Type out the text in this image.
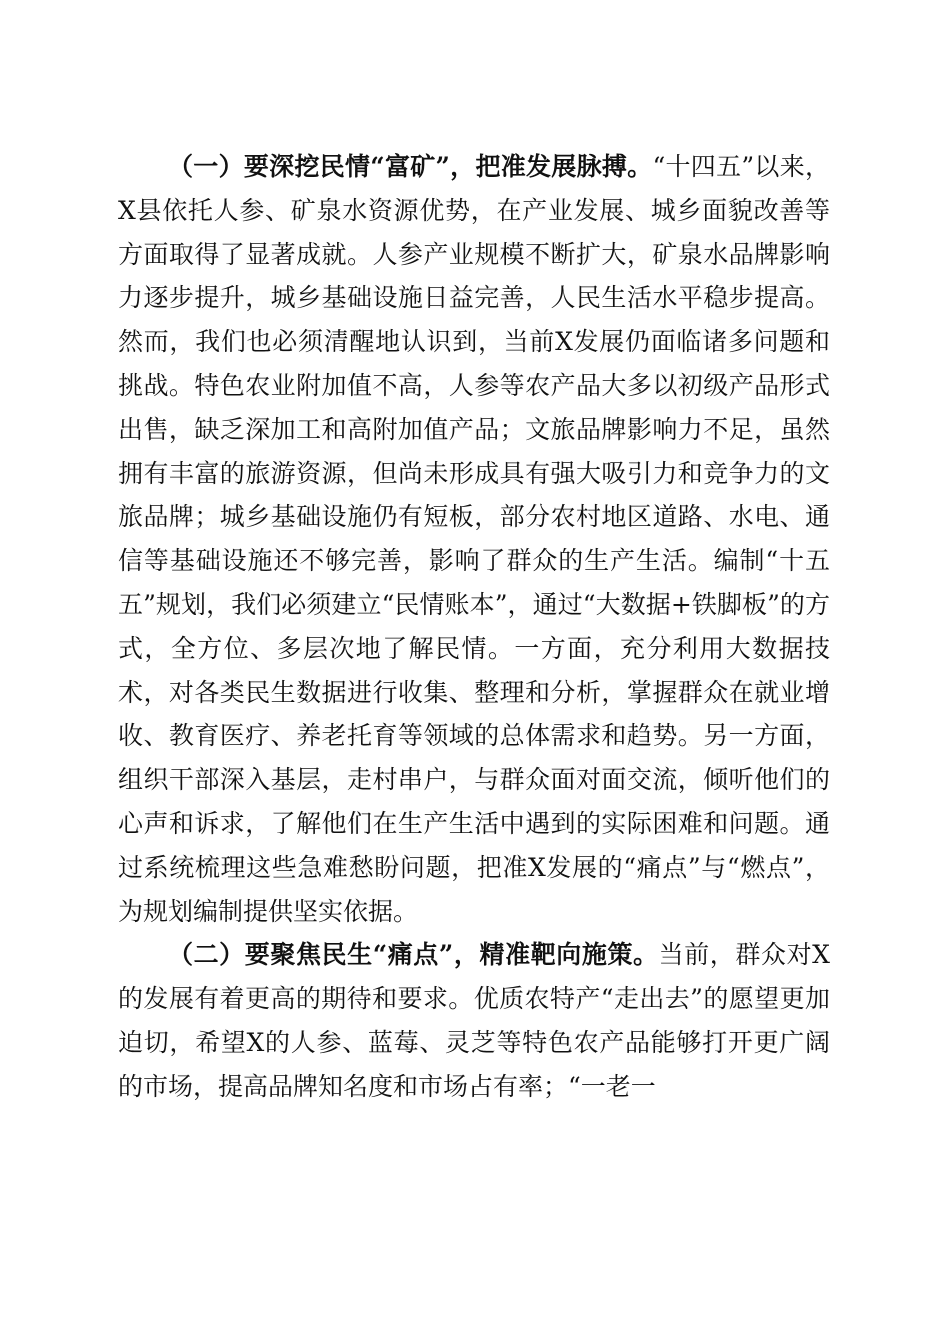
（一）要深挖民情“富矿”，把准发展脉搏。“十四五”以来，X县依托人参、矿泉水资源优势，在产业发展、城乡面貌改善等方面取得了显著成就。人参产业规模不断扩大，矿泉水品牌影响力逐步提升，城乡基础设施日益完善，人民生活水平稳步提高。然而，我们也必须清醒地认识到，当前X发展仍面临诸多问题和挑战。特色农业附加值不高，人参等农产品大多以初级产品形式出售，缺乏深加工和高附加值产品；文旅品牌影响力不足，虽然拥有丰富的旅游资源，但尚未形成具有强大吸引力和竞争力的文旅品牌；城乡基础设施仍有短板，部分农村地区道路、水电、通信等基础设施还不够完善，影响了群众的生产生活。编制“十五五”规划，我们必须建立“民情账本”，通过“大数据+铁脚板”的方式，全方位、多层次地了解民情。一方面，充分利用大数据技术，对各类民生数据进行收集、整理和分析，掌握群众在就业增收、教育医疗、养老托育等领域的总体需求和趋势。另一方面，组织干部深入基层，走村串户，与群众面对面交流，倾听他们的心声和诉求，了解他们在生产生活中遇到的实际困难和问题。通过系统梳理这些急难愁盼问题，把准X发展的“痛点”与“燃点”，为规划编制提供坚实依据。

（二）要聚焦民生“痛点”，精准靶向施策。当前，群众对X的发展有着更高的期待和要求。优质农特产“走出去”的愿望更加迫切，希望X的人参、蓝莓、灵芝等特色农产品能够打开更广阔的市场，提高品牌知名度和市场占有率；“一老一
